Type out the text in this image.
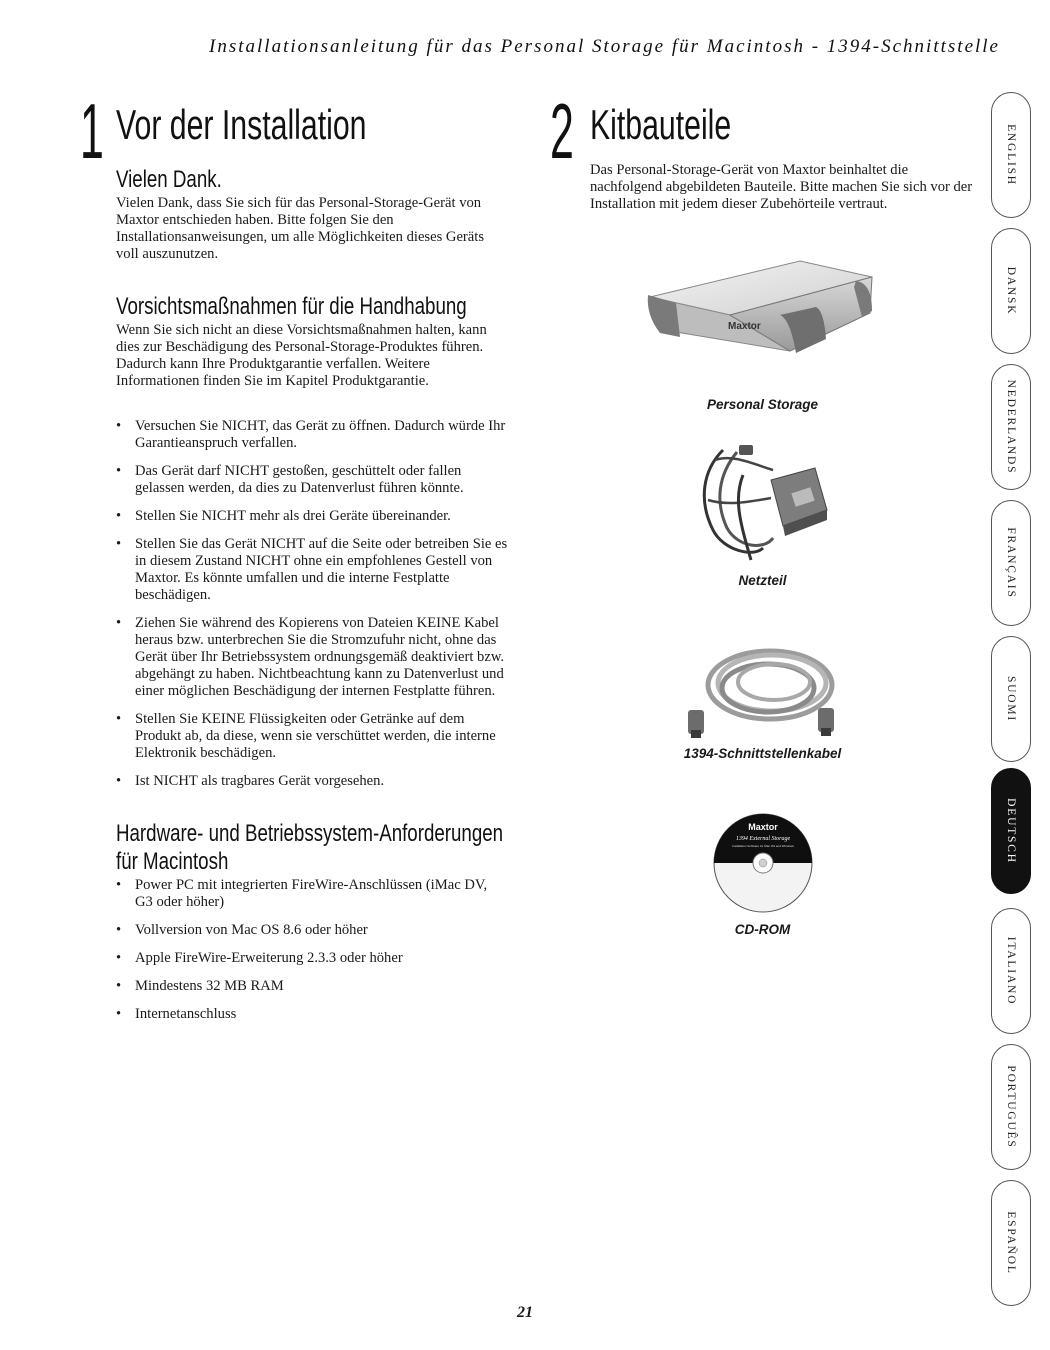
Installationsanleitung für das Personal Storage für Macintosh - 1394-Schnittstelle
1 Vor der Installation
Vielen Dank.

Vielen Dank, dass Sie sich für das Personal-Storage-Gerät von Maxtor entschieden haben. Bitte folgen Sie den Installationsanweisungen, um alle Möglichkeiten dieses Geräts voll auszunutzen.

Vorsichtsmaßnahmen für die Handhabung

Wenn Sie sich nicht an diese Vorsichtsmaßnahmen halten, kann dies zur Beschädigung des Personal-Storage-Produktes führen. Dadurch kann Ihre Produktgarantie verfallen. Weitere Informationen finden Sie im Kapitel Produktgarantie.

• Versuchen Sie NICHT, das Gerät zu öffnen. Dadurch würde Ihr Garantieanspruch verfallen.
• Das Gerät darf NICHT gestoßen, geschüttelt oder fallen gelassen werden, da dies zu Datenverlust führen könnte.
• Stellen Sie NICHT mehr als drei Geräte übereinander.
• Stellen Sie das Gerät NICHT auf die Seite oder betreiben Sie es in diesem Zustand NICHT ohne ein empfohlenes Gestell von Maxtor. Es könnte umfallen und die interne Festplatte beschädigen.
• Ziehen Sie während des Kopierens von Dateien KEINE Kabel heraus bzw. unterbrechen Sie die Stromzufuhr nicht, ohne das Gerät über Ihr Betriebssystem ordnungsgemäß deaktiviert bzw. abgehängt zu haben. Nichtbeachtung kann zu Datenverlust und einer möglichen Beschädigung der internen Festplatte führen.
• Stellen Sie KEINE Flüssigkeiten oder Getränke auf dem Produkt ab, da diese, wenn sie verschüttet werden, die interne Elektronik beschädigen.
• Ist NICHT als tragbares Gerät vorgesehen.
Hardware- und Betriebssystem-Anforderungen
für Macintosh
• Power PC mit integrierten FireWire-Anschlüssen (iMac DV, G3 oder höher)
• Vollversion von Mac OS 8.6 oder höher
• Apple FireWire-Erweiterung 2.3.3 oder höher
• Mindestens 32 MB RAM
• Internetanschluss
2 Kitbauteile

Das Personal-Storage-Gerät von Maxtor beinhaltet die nachfolgend abgebildeten Bauteile. Bitte machen Sie sich vor der Installation mit jedem dieser Zubehörteile vertraut.

Maxtor
Personal Storage
Netzteil
1394-Schnittstellenkabel
Maxtor
1394 External Storage
Installation Software for Mac OS and Windows
CD-ROM
ENGLISH
DANSK
NEDERLANDS
FRANÇAIS
SUOMI
DEUTSCH
ITALIANO
PORTUGUÊS
ESPAÑOL
21
